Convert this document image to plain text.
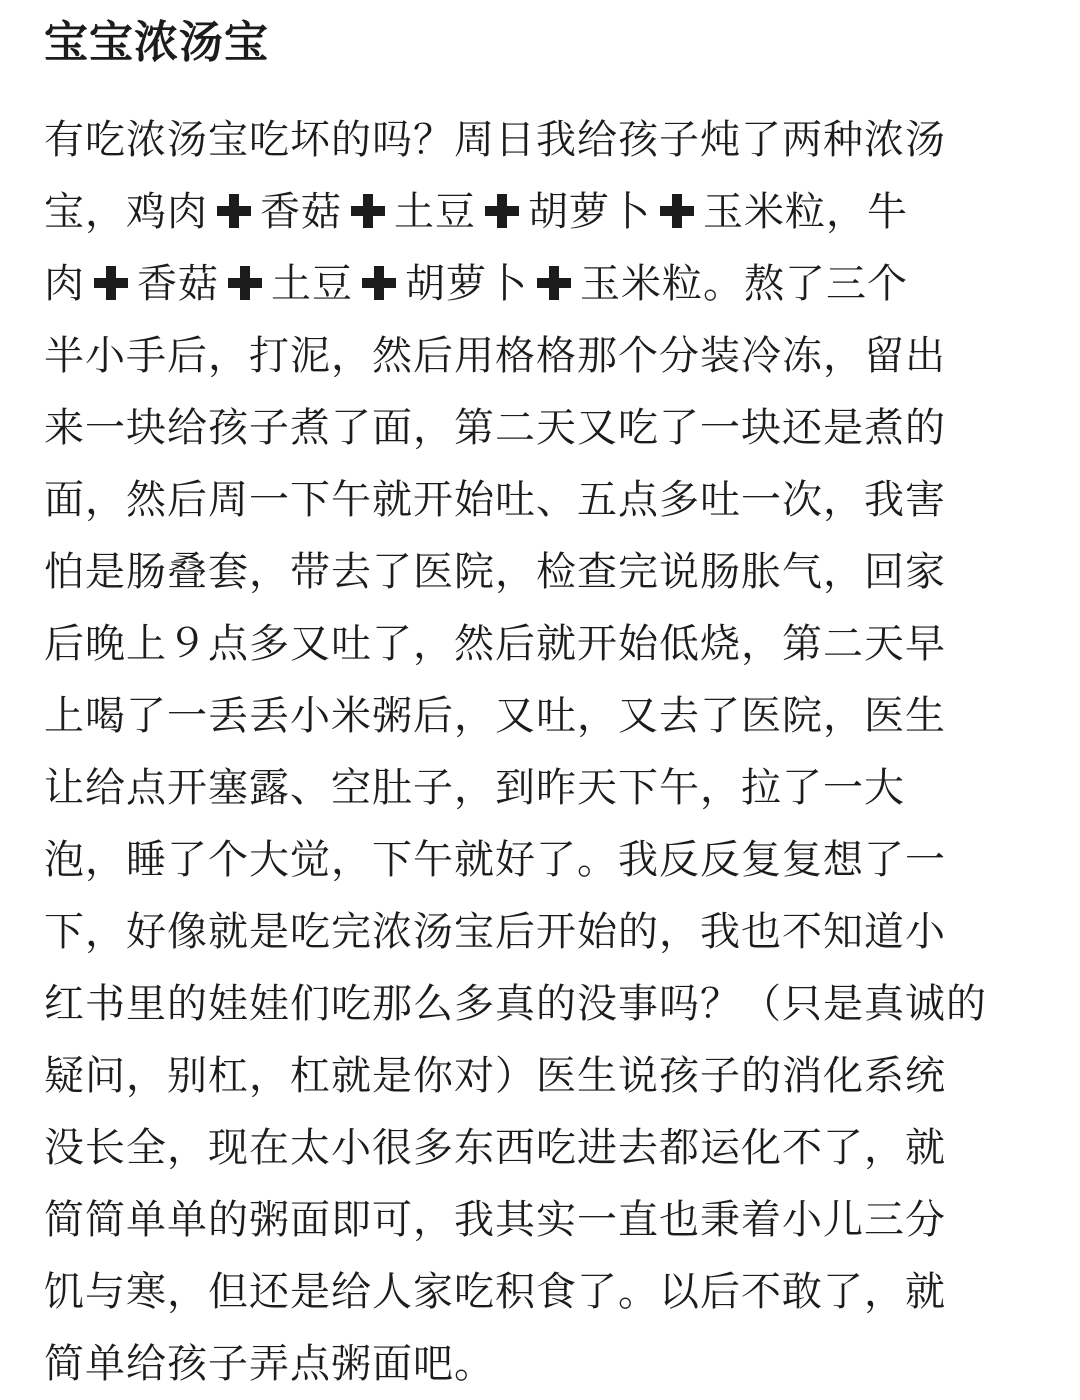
宝宝浓汤宝
有吃浓汤宝吃坏的吗？周日我给孩子炖了两种浓汤
宝，鸡肉 香菇 土豆 胡萝卜 玉米粒，牛
肉 香菇 土豆 胡萝卜 玉米粒。熬了三个
半小手后，打泥，然后用格格那个分装冷冻，留出
来一块给孩子煮了面，第二天又吃了一块还是煮的
面，然后周一下午就开始吐、五点多吐一次，我害
怕是肠叠套，带去了医院，检查完说肠胀气，回家
后晚上９点多又吐了，然后就开始低烧，第二天早
上喝了一丢丢小米粥后，又吐，又去了医院，医生
让给点开塞露、空肚子，到昨天下午，拉了一大
泡，睡了个大觉，下午就好了。我反反复复想了一
下，好像就是吃完浓汤宝后开始的，我也不知道小
红书里的娃娃们吃那么多真的没事吗？（只是真诚的
疑问，别杠，杠就是你对）医生说孩子的消化系统
没长全，现在太小很多东西吃进去都运化不了，就
简简单单的粥面即可，我其实一直也秉着小儿三分
饥与寒，但还是给人家吃积食了。以后不敢了，就
简单给孩子弄点粥面吧。
